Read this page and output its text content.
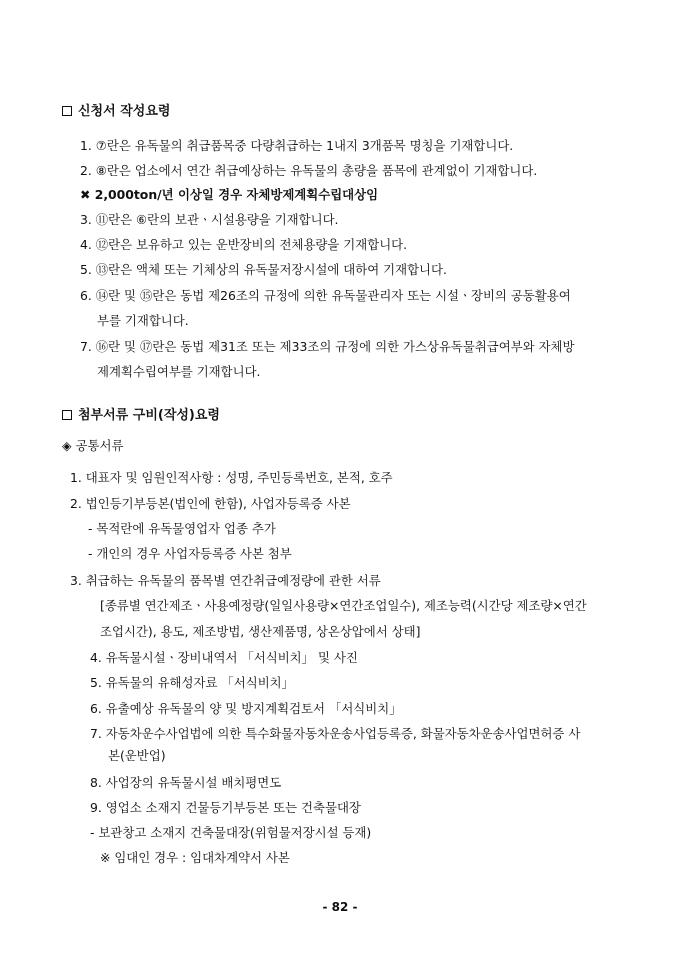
신청서 작성요령
1. ⑦란은 유독물의 취급품목중 다량취급하는 1내지 3개품목 명칭을 기재합니다.
2. ⑧란은 업소에서 연간 취급예상하는 유독물의 총량을 품목에 관계없이 기재합니다.
✖ 2,000ton/년 이상일 경우 자체방제계획수립대상임
3. ⑪란은 ⑥란의 보관ㆍ시설용량을 기재합니다.
4. ⑫란은 보유하고 있는 운반장비의 전체용량을 기재합니다.
5. ⑬란은 액체 또는 기체상의 유독물저장시설에 대하여 기재합니다.
6. ⑭란 및 ⑮란은 동법 제26조의 규정에 의한 유독물관리자 또는 시설ㆍ장비의 공동활용여
부를 기재합니다.
7. ⑯란 및 ⑰란은 동법 제31조 또는 제33조의 규정에 의한 가스상유독물취급여부와 자체방
제계획수립여부를 기재합니다.
첨부서류 구비(작성)요령
◈ 공통서류
1. 대표자 및 임원인적사항 : 성명, 주민등록번호, 본적, 호주
2. 법인등기부등본(법인에 한함), 사업자등록증 사본
- 목적란에 유독물영업자 업종 추가
- 개인의 경우 사업자등록증 사본 첨부
3. 취급하는 유독물의 품목별 연간취급예정량에 관한 서류
[종류별 연간제조ㆍ사용예정량(일일사용량×연간조업일수), 제조능력(시간당 제조량×연간
조업시간), 용도, 제조방법, 생산제품명, 상온상압에서 상태]
4. 유독물시설ㆍ장비내역서 「서식비치」 및 사진
5. 유독물의 유해성자료 「서식비치」
6. 유출예상 유독물의 양 및 방지계획검토서 「서식비치」
7. 자동차운수사업법에 의한 특수화물자동차운송사업등록증, 화물자동차운송사업면허증 사
본(운반업)
8. 사업장의 유독물시설 배치평면도
9. 영업소 소재지 건물등기부등본 또는 건축물대장
- 보관창고 소재지 건축물대장(위험물저장시설 등재)
※ 임대인 경우 : 임대차계약서 사본
- 82 -
